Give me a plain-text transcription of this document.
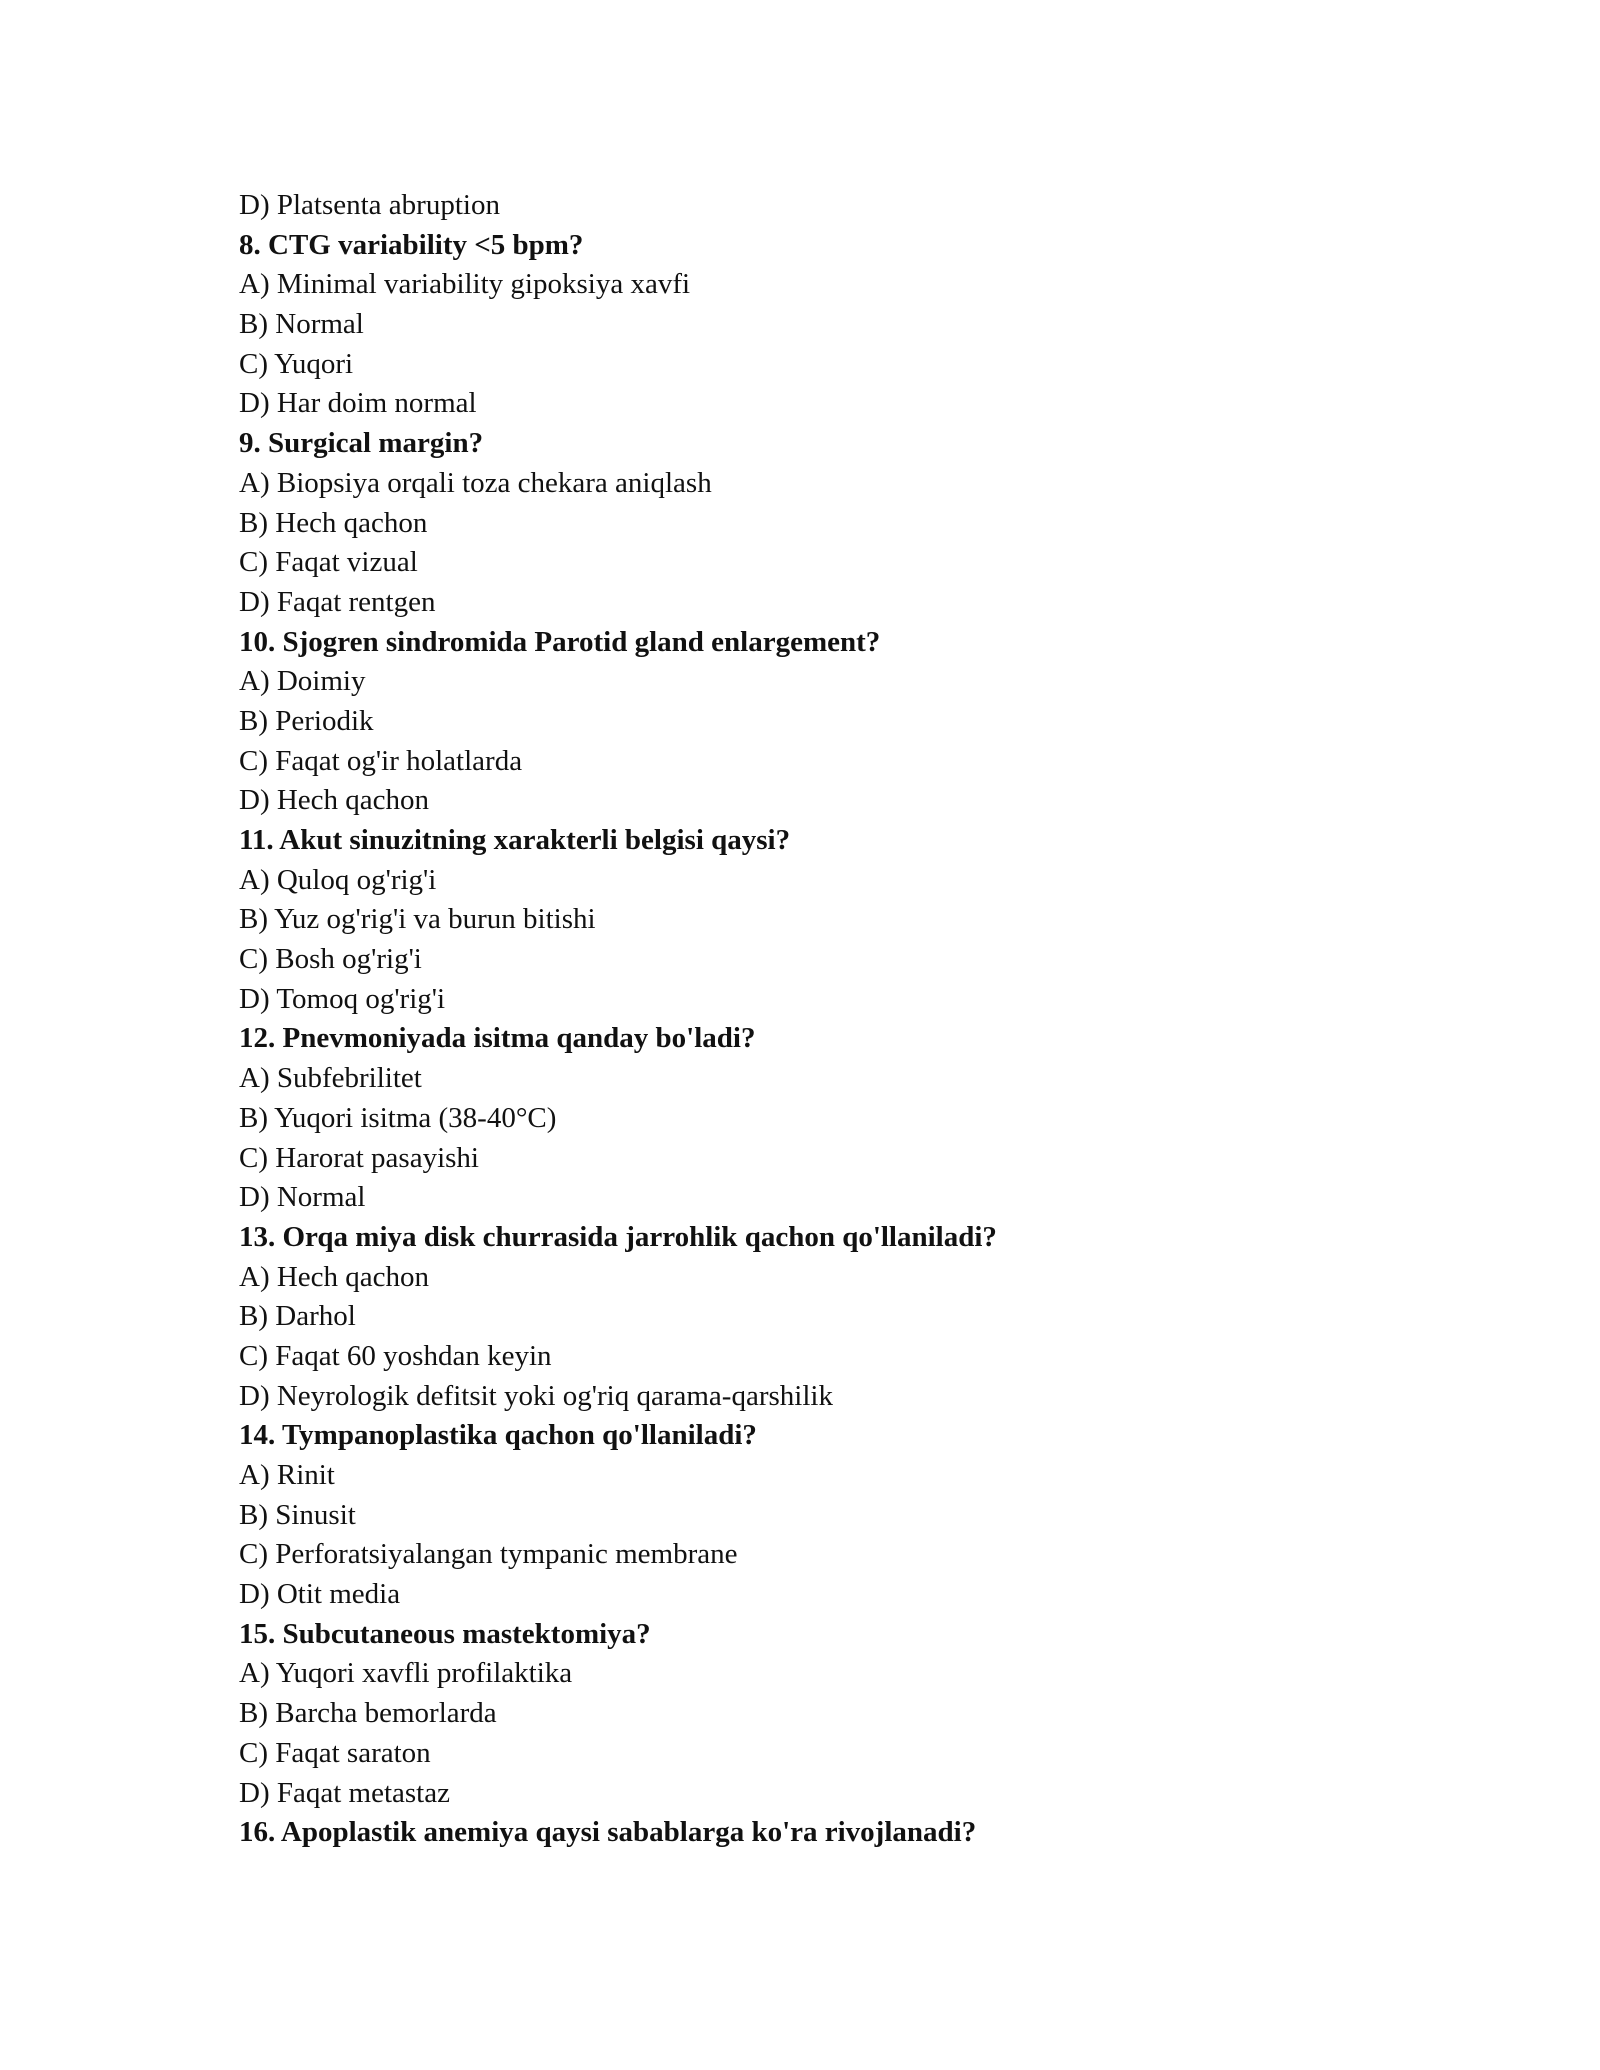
D) Platsenta abruption
8. CTG variability <5 bpm?
A) Minimal variability gipoksiya xavfi
B) Normal
C) Yuqori
D) Har doim normal
9. Surgical margin?
A) Biopsiya orqali toza chekara aniqlash
B) Hech qachon
C) Faqat vizual
D) Faqat rentgen
10. Sjogren sindromida Parotid gland enlargement?
A) Doimiy
B) Periodik
C) Faqat og'ir holatlarda
D) Hech qachon
11. Akut sinuzitning xarakterli belgisi qaysi?
A) Quloq og'rig'i
B) Yuz og'rig'i va burun bitishi
C) Bosh og'rig'i
D) Tomoq og'rig'i
12. Pnevmoniyada isitma qanday bo'ladi?
A) Subfebrilitet
B) Yuqori isitma (38-40°C)
C) Harorat pasayishi
D) Normal
13. Orqa miya disk churrasida jarrohlik qachon qo'llaniladi?
A) Hech qachon
B) Darhol
C) Faqat 60 yoshdan keyin
D) Neyrologik defitsit yoki og'riq qarama-qarshilik
14. Tympanoplastika qachon qo'llaniladi?
A) Rinit
B) Sinusit
C) Perforatsiyalangan tympanic membrane
D) Otit media
15. Subcutaneous mastektomiya?
A) Yuqori xavfli profilaktika
B) Barcha bemorlarda
C) Faqat saraton
D) Faqat metastaz
16. Apoplastik anemiya qaysi sabablarga ko'ra rivojlanadi?
